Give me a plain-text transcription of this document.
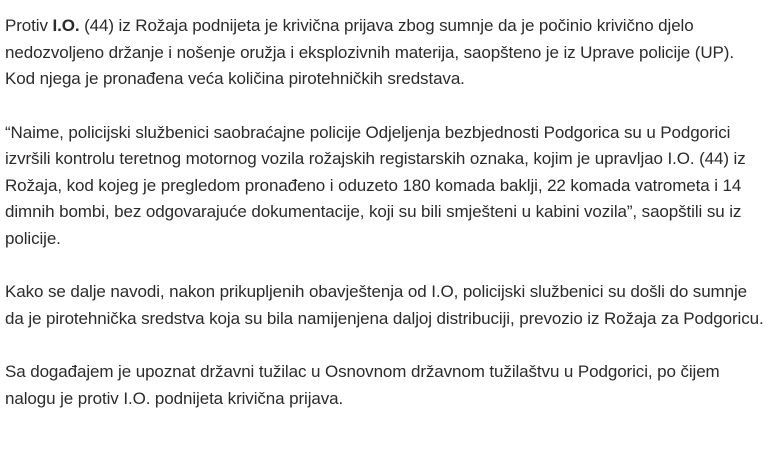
Protiv I.O. (44) iz Rožaja podnijeta je krivična prijava zbog sumnje da je počinio krivično djelo nedozvoljeno držanje i nošenje oružja i eksplozivnih materija, saopšteno je iz Uprave policije (UP). Kod njega je pronađena veća količina pirotehničkih sredstava.

“Naime, policijski službenici saobraćajne policije Odjeljenja bezbjednosti Podgorica su u Podgorici izvršili kontrolu teretnog motornog vozila rožajskih registarskih oznaka, kojim je upravljao I.O. (44) iz Rožaja, kod kojeg je pregledom pronađeno i oduzeto 180 komada baklji, 22 komada vatrometa i 14 dimnih bombi, bez odgovarajuće dokumentacije, koji su bili smješteni u kabini vozila”, saopštili su iz policije.

Kako se dalje navodi, nakon prikupljenih obavještenja od I.O, policijski službenici su došli do sumnje da je pirotehnička sredstva koja su bila namijenjena daljoj distribuciji, prevozio iz Rožaja za Podgoricu.

Sa događajem je upoznat državni tužilac u Osnovnom državnom tužilaštvu u Podgorici, po čijem nalogu je protiv I.O. podnijeta krivična prijava.
